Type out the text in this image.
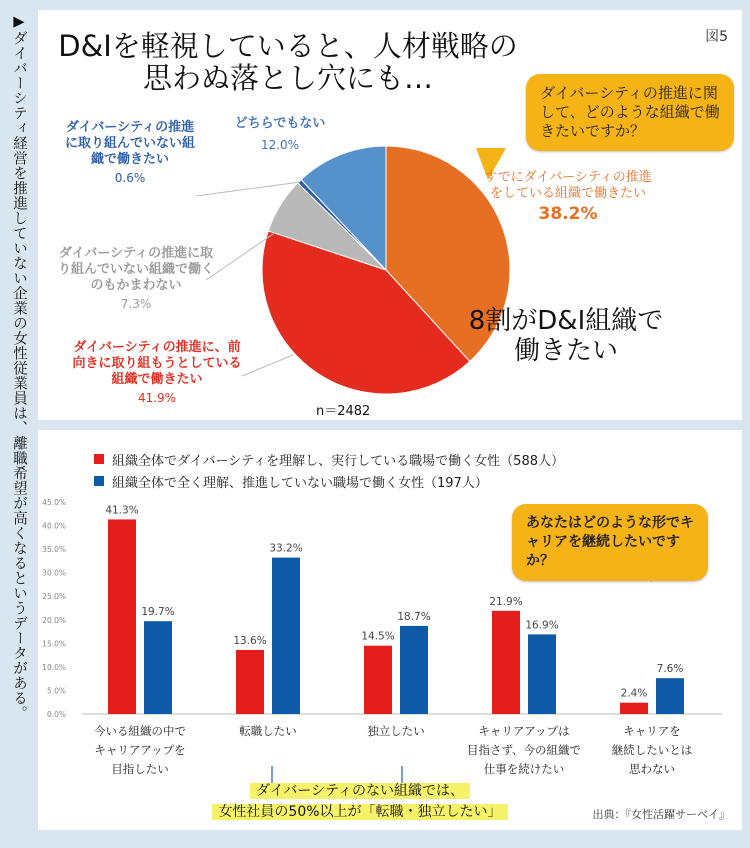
▶ダイバーシティ経営を推進していない企業の女性従業員は、離職希望が高くなるというデータがある。	D&Iを軽視していると、人材戦略の
思わぬ落とし穴にも…
図5
ダイバーシティの推進に関して、どのような組織で働きたいですか？
すでにダイバーシティの推進をしている組織で働きたい
38.2%
ダイバーシティの推進に取り組んでいない組織で働きたい
0.6%
どちらでもない
12.0%
ダイバーシティの推進に取り組んでいない組織で働くのもかまわない
7.3%
ダイバーシティの推進に、前向きに取り組もうとしている組織で働きたい
41.9%
8割がD&I組織で働きたい
n＝2482
組織全体でダイバーシティを理解し、実行している職場で働く女性（588人）
組織全体で全く理解、推進していない職場で働く女性（197人）
0.0%
5.0%
10.0%
15.0%
20.0%
25.0%
30.0%
35.0%
40.0%
45.0%
41.3%
19.7%
13.6%
33.2%
14.5%
18.7%
21.9%
16.9%
2.4%
7.6%
あなたはどのような形でキャリアを継続したいですか？
今いる組織の中で
キャリアアップを
目指したい
転職したい	独立したい	キャリアアップは
目指さず、今の組織で
仕事を続けたい
キャリアを
継続したいとは
思わない
ダイバーシティのない組織では、
女性社員の50%以上が「転職・独立したい」	出典：『女性活躍サーベイ』
